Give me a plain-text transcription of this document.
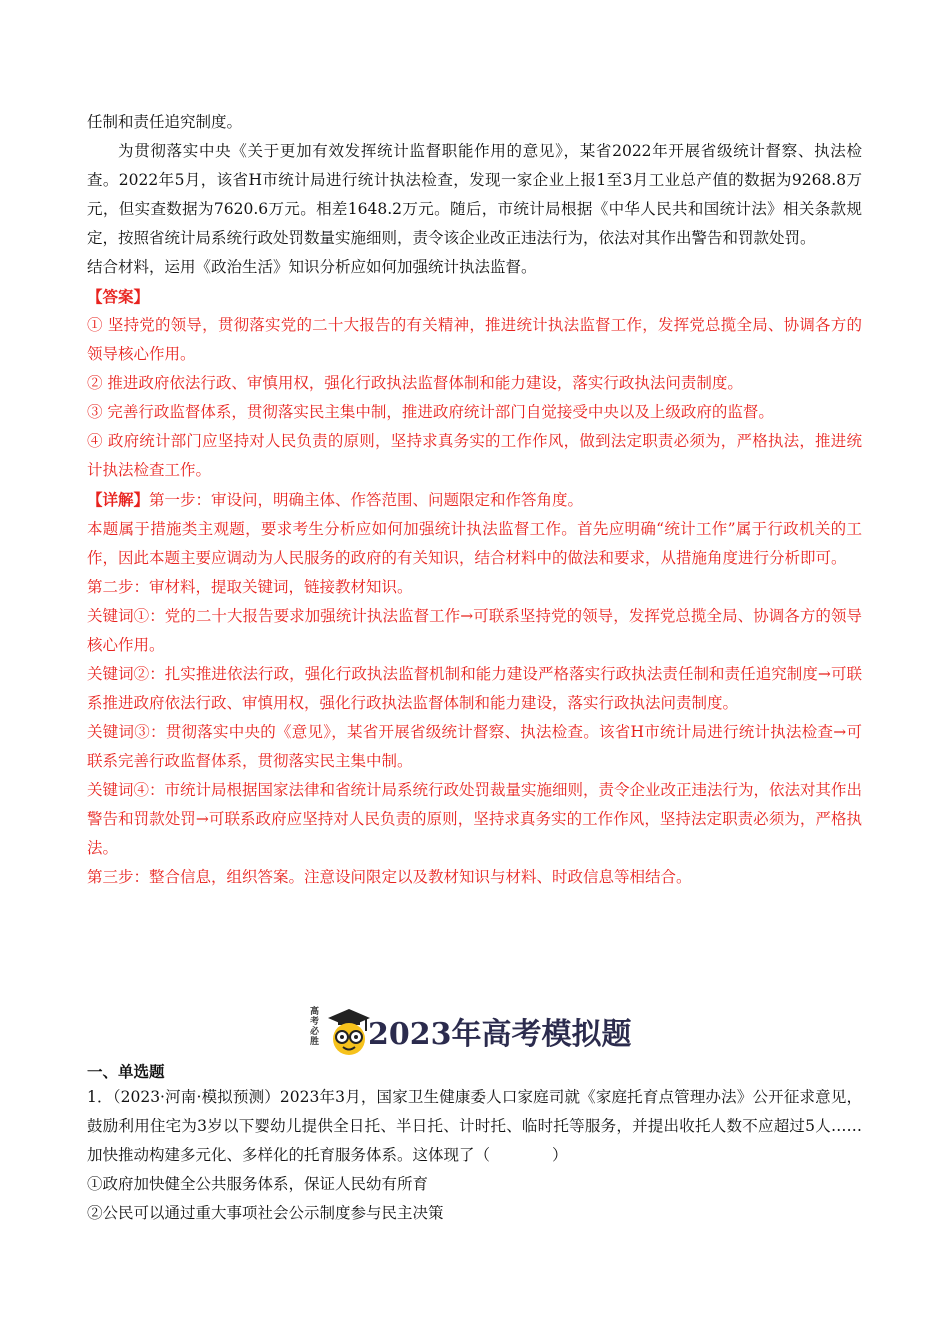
任制和责任追究制度。

为贯彻落实中央《关于更加有效发挥统计监督职能作用的意见》，某省2022年开展省级统计督察、执法检查。2022年5月，该省H市统计局进行统计执法检查，发现一家企业上报1至3月工业总产值的数据为9268.8万元，但实查数据为7620.6万元。相差1648.2万元。随后，市统计局根据《中华人民共和国统计法》相关条款规定，按照省统计局系统行政处罚数量实施细则，责令该企业改正违法行为，依法对其作出警告和罚款处罚。

结合材料，运用《政治生活》知识分析应如何加强统计执法监督。

【答案】

① 坚持党的领导，贯彻落实党的二十大报告的有关精神，推进统计执法监督工作，发挥党总揽全局、协调各方的领导核心作用。

② 推进政府依法行政、审慎用权，强化行政执法监督体制和能力建设，落实行政执法问责制度。

③ 完善行政监督体系，贯彻落实民主集中制，推进政府统计部门自觉接受中央以及上级政府的监督。

④ 政府统计部门应坚持对人民负责的原则，坚持求真务实的工作作风，做到法定职责必须为，严格执法，推进统计执法检查工作。

【详解】第一步：审设问，明确主体、作答范围、问题限定和作答角度。

本题属于措施类主观题，要求考生分析应如何加强统计执法监督工作。首先应明确“统计工作”属于行政机关的工作，因此本题主要应调动为人民服务的政府的有关知识，结合材料中的做法和要求，从措施角度进行分析即可。

第二步：审材料，提取关键词，链接教材知识。

关键词①：党的二十大报告要求加强统计执法监督工作→可联系坚持党的领导，发挥党总揽全局、协调各方的领导核心作用。

关键词②：扎实推进依法行政，强化行政执法监督机制和能力建设严格落实行政执法责任制和责任追究制度→可联系推进政府依法行政、审慎用权，强化行政执法监督体制和能力建设，落实行政执法问责制度。

关键词③：贯彻落实中央的《意见》，某省开展省级统计督察、执法检查。该省H市统计局进行统计执法检查→可联系完善行政监督体系，贯彻落实民主集中制。

关键词④：市统计局根据国家法律和省统计局系统行政处罚裁量实施细则，责令企业改正违法行为，依法对其作出警告和罚款处罚→可联系政府应坚持对人民负责的原则，坚持求真务实的工作作风，坚持法定职责必须为，严格执法。

第三步：整合信息，组织答案。注意设问限定以及教材知识与材料、时政信息等相结合。

高考必胜 2023年高考模拟题
一、单选题

1．（2023·河南·模拟预测）2023年3月，国家卫生健康委人口家庭司就《家庭托育点管理办法》公开征求意见，鼓励利用住宅为3岁以下婴幼儿提供全日托、半日托、计时托、临时托等服务，并提出收托人数不应超过5人……加快推动构建多元化、多样化的托育服务体系。这体现了（　　　　）

①政府加快健全公共服务体系，保证人民幼有所育

②公民可以通过重大事项社会公示制度参与民主决策
